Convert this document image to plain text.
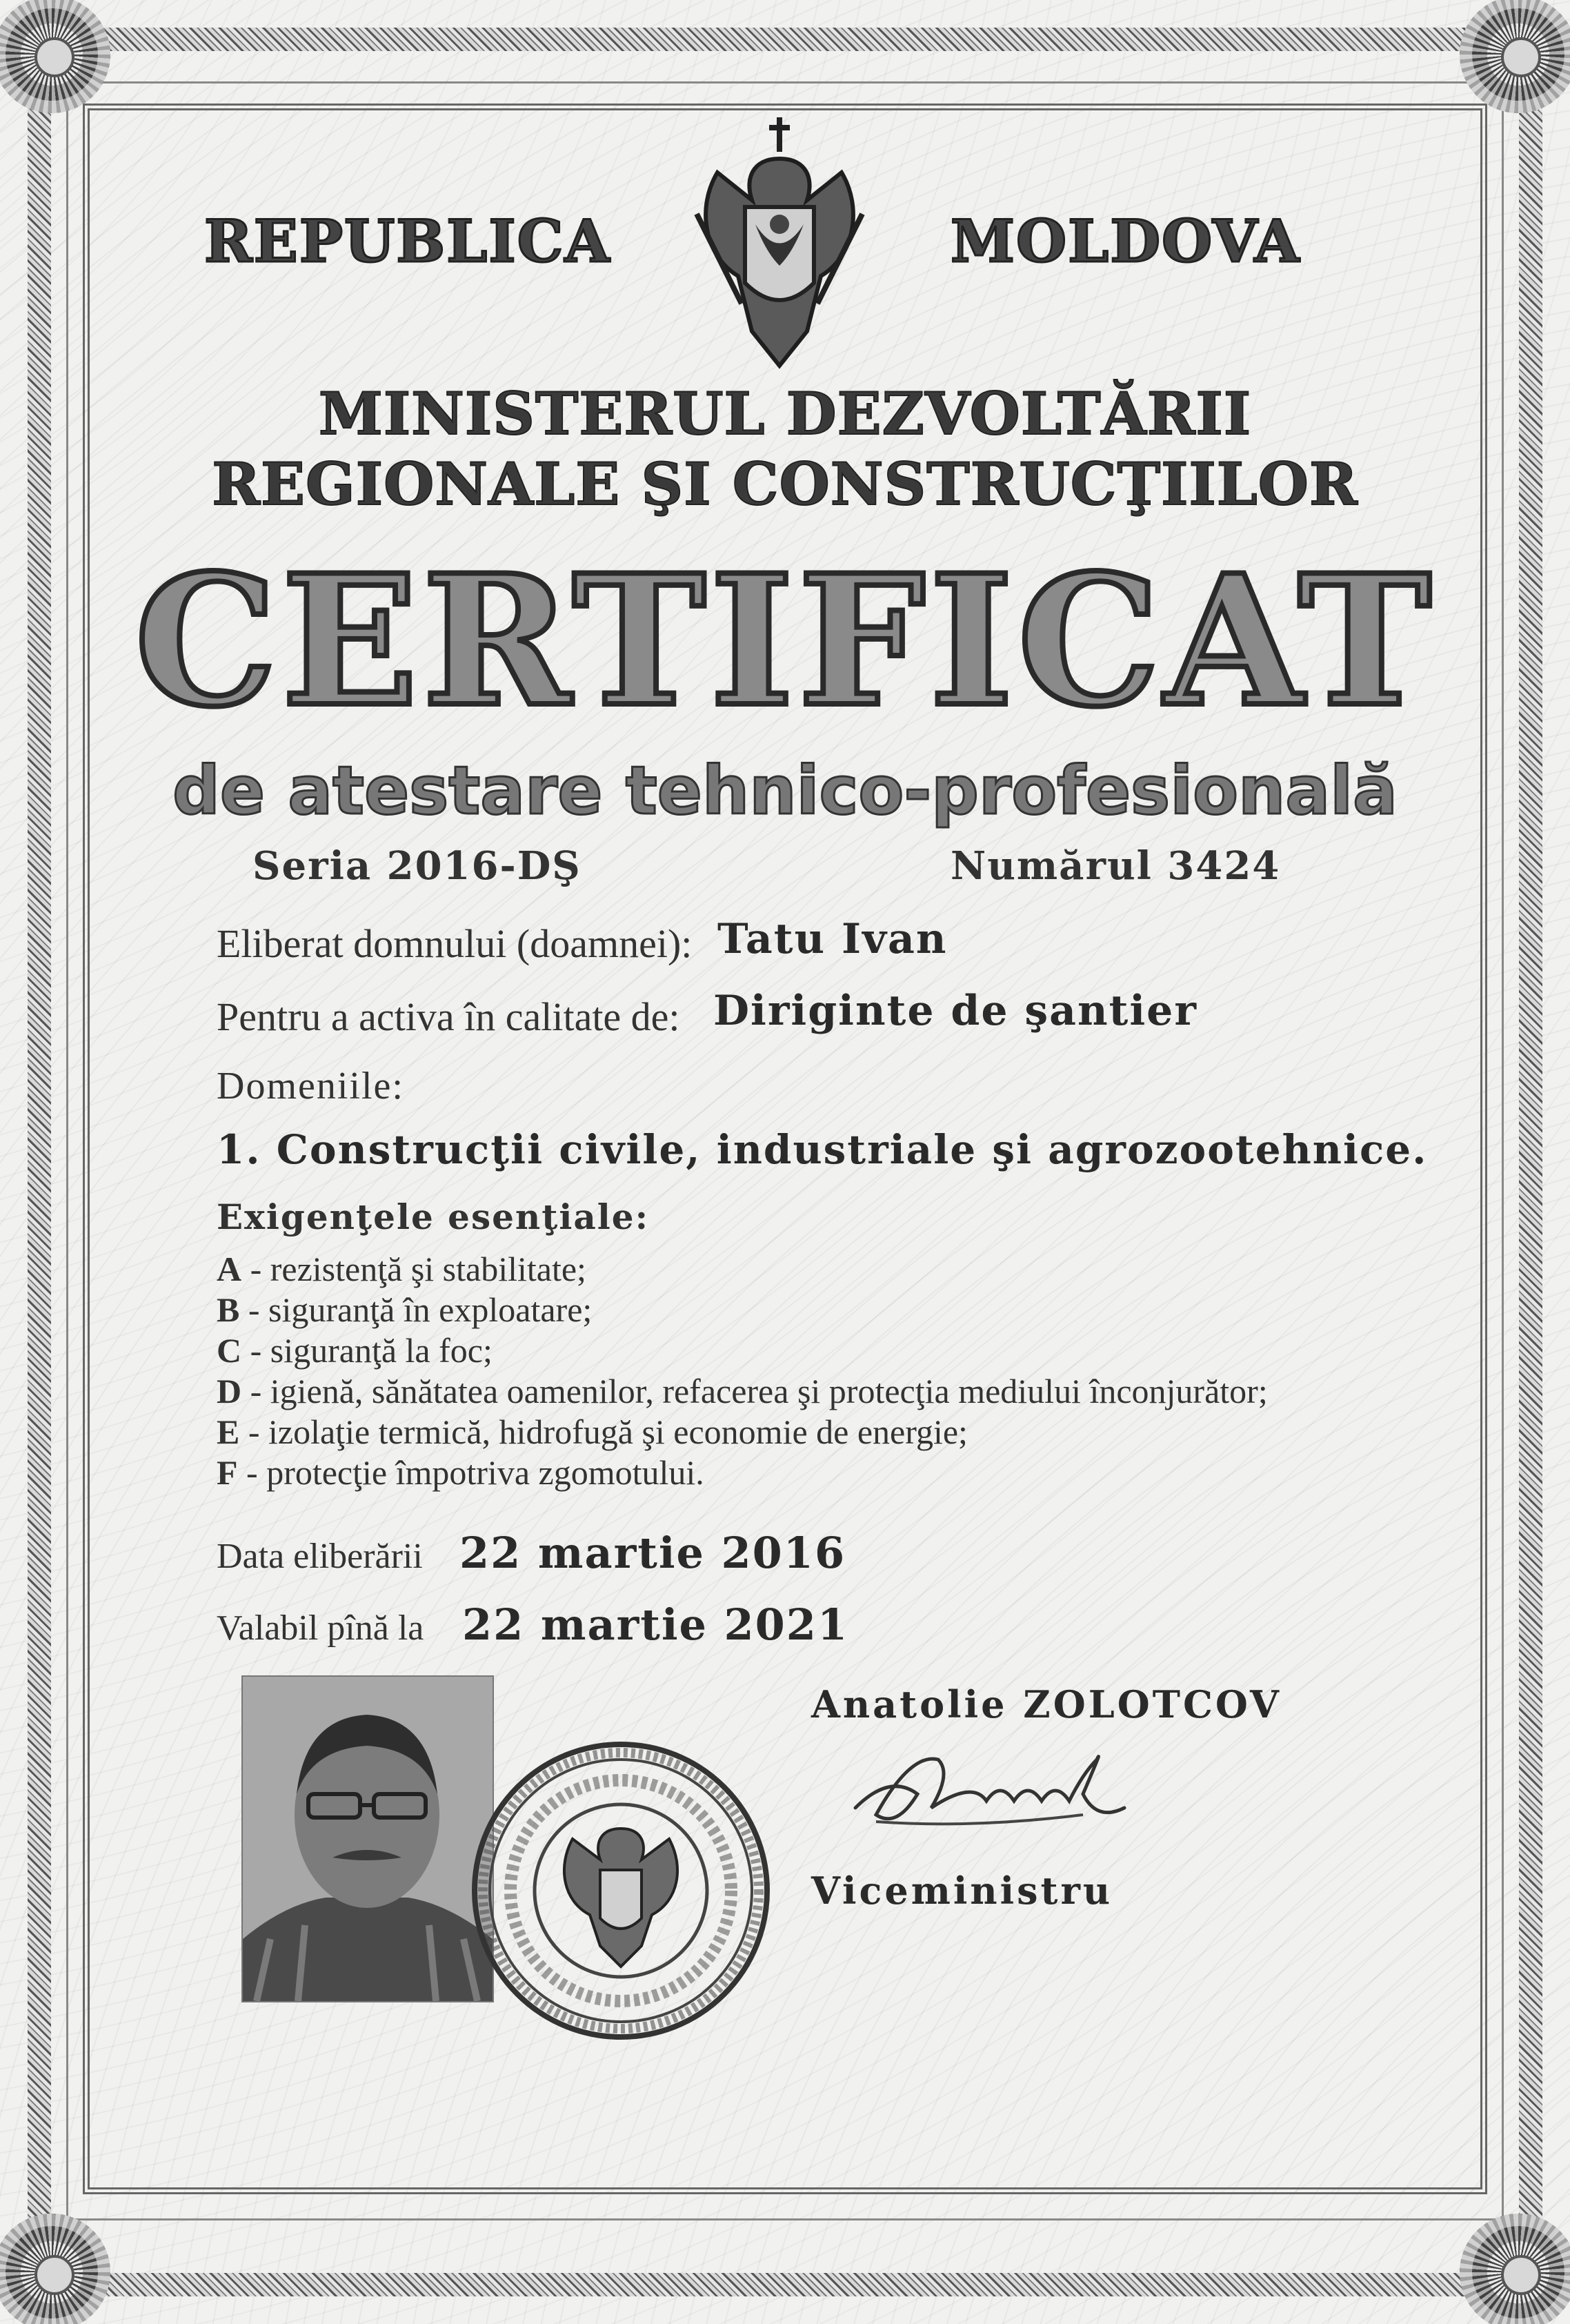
REPUBLICA	MOLDOVA
MINISTERUL DEZVOLTĂRII
REGIONALE ŞI CONSTRUCŢIILOR
CERTIFICAT
de atestare tehnico-profesională
Seria 2016-DŞ	Numărul 3424
Eliberat domnului (doamnei): Tatu Ivan
Pentru a activa în calitate de: Diriginte de şantier
Domeniile:
1. Construcţii civile, industriale şi agrozootehnice.
Exigenţele esenţiale:
A - rezistenţă şi stabilitate;
B - siguranţă în exploatare;
C - siguranţă la foc;
D - igienă, sănătatea oamenilor, refacerea şi protecţia mediului înconjurător;
E - izolaţie termică, hidrofugă şi economie de energie;
F - protecţie împotriva zgomotului.
Data eliberării 22 martie 2016
Valabil pînă la 22 martie 2021
Anatolie ZOLOTCOV
Viceministru
